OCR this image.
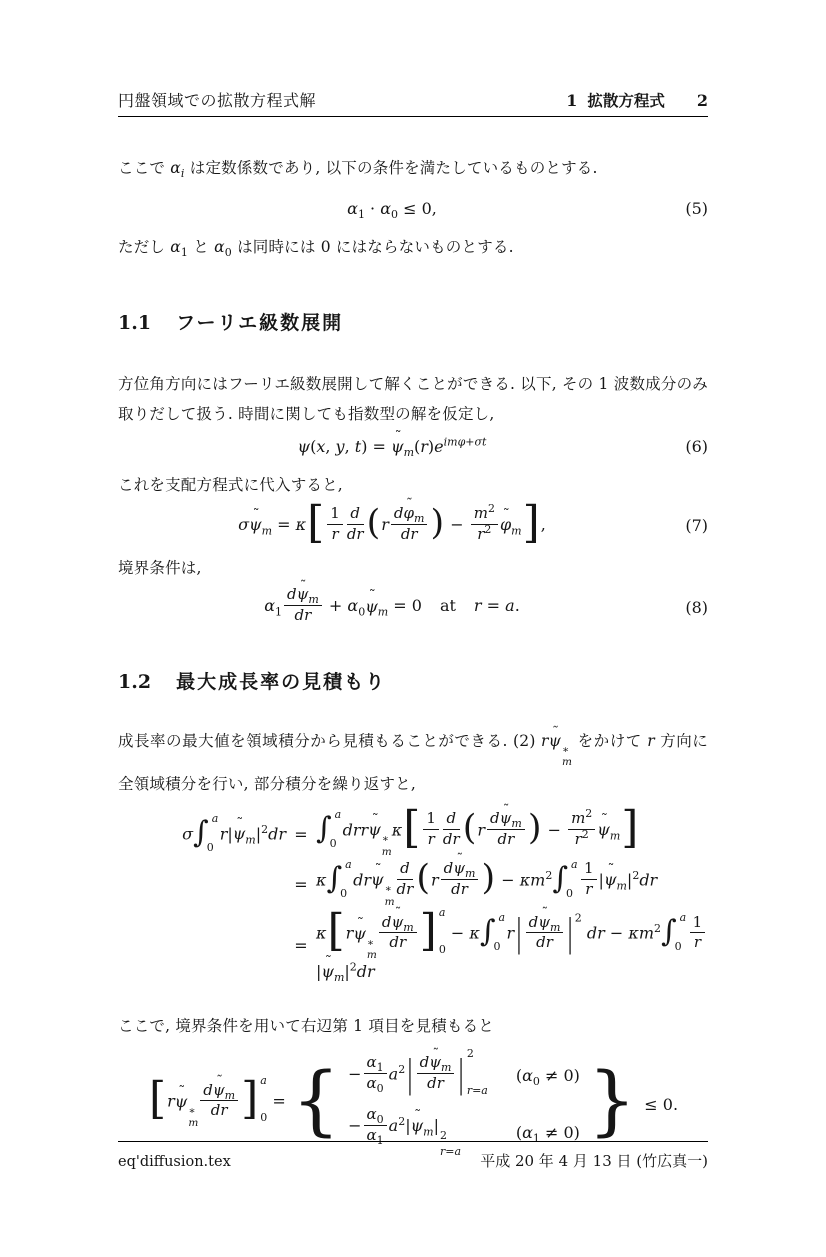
円盤領域での拡散方程式解	1 拡散方程式 2

ここで $\alpha_i$ は定数係数であり, 以下の条件を満たしているものとする.

$\alpha_1 \cdot \alpha_0 \le 0$,	(5)

ただし $\alpha_1$ と $\alpha_0$ は同時には 0 にはならないものとする.

1.1 フーリエ級数展開

方位角方向にはフーリエ級数展開して解くことができる. 以下, その 1 波数成分のみ取りだして扱う. 時間に関しても指数型の解を仮定し,

ψ(x, y, t) = ψ $˜_m(r)e^{im\varphi+\sigma t}$	(6)

これを支配方程式に代入すると,

σψ $˜_m = \kappa[ \frac{1}{r} \frac{d}{dr} (r$
dφ $˜_m$
dr ) − $\frac{m^2}{r^2}$ φ $˜_m$],	(7)

境界条件は,

$\alpha_1$
dψ $˜_m$
dr + $\alpha_0\psi$ $˜_m = 0$ at r = a.	(8)
1.2 最大成長率の見積もり

成長率の最大値を領域積分から見積もることができる. (2) rψ ˜ ∗
m
をかけて r 方向に全領域積分を行い, 部分積分を繰り返すと,

σ∫ a
0
r|ψ $˜_m|^2dr$ = ∫ a
0
drrψ ˜ ∗
m
$\kappa[ \frac{1}{r} \frac{d}{dr} (r$
dψ $˜_m$
dr ) − $\frac{m^2}{r^2}$ ψ $˜_m$]
= κ∫ a
0
drψ ˜ ∗
m
$\frac{d}{dr} (r$
dψ $˜_m$
dr ) − $\kappa m^2\int$ a
$0 \frac{1}{r} |\psi$ $˜_m|^2dr$
=
κ[rψ ˜ ∗
m
dψ $˜_m$
dr ] a
0
− κ∫ a
0
r | dψ $˜_m$
dr | $^2$ dr − $\kappa m^2\int$ a
$0 \frac{1}{r}$
|ψ $˜_m|^2dr$

ここで, 境界条件を用いて右辺第 1 項目を見積もると

[rψ ˜ ∗
m
dψ $˜_m$
dr ] a
0
= { − $\frac{\alpha_1}{\alpha_0} a^2$ | dψ $˜_m$
dr | 2
r=a
$(\alpha_0 \ne 0)$
− $\frac{\alpha_0}{\alpha_1} a^2|\psi$ $˜_m|$
2
r=a
$(\alpha_1 \ne 0)$ } ≤ 0.
eq'diffusion.tex	平成 20 年 4 月 13 日 (竹広真一)
